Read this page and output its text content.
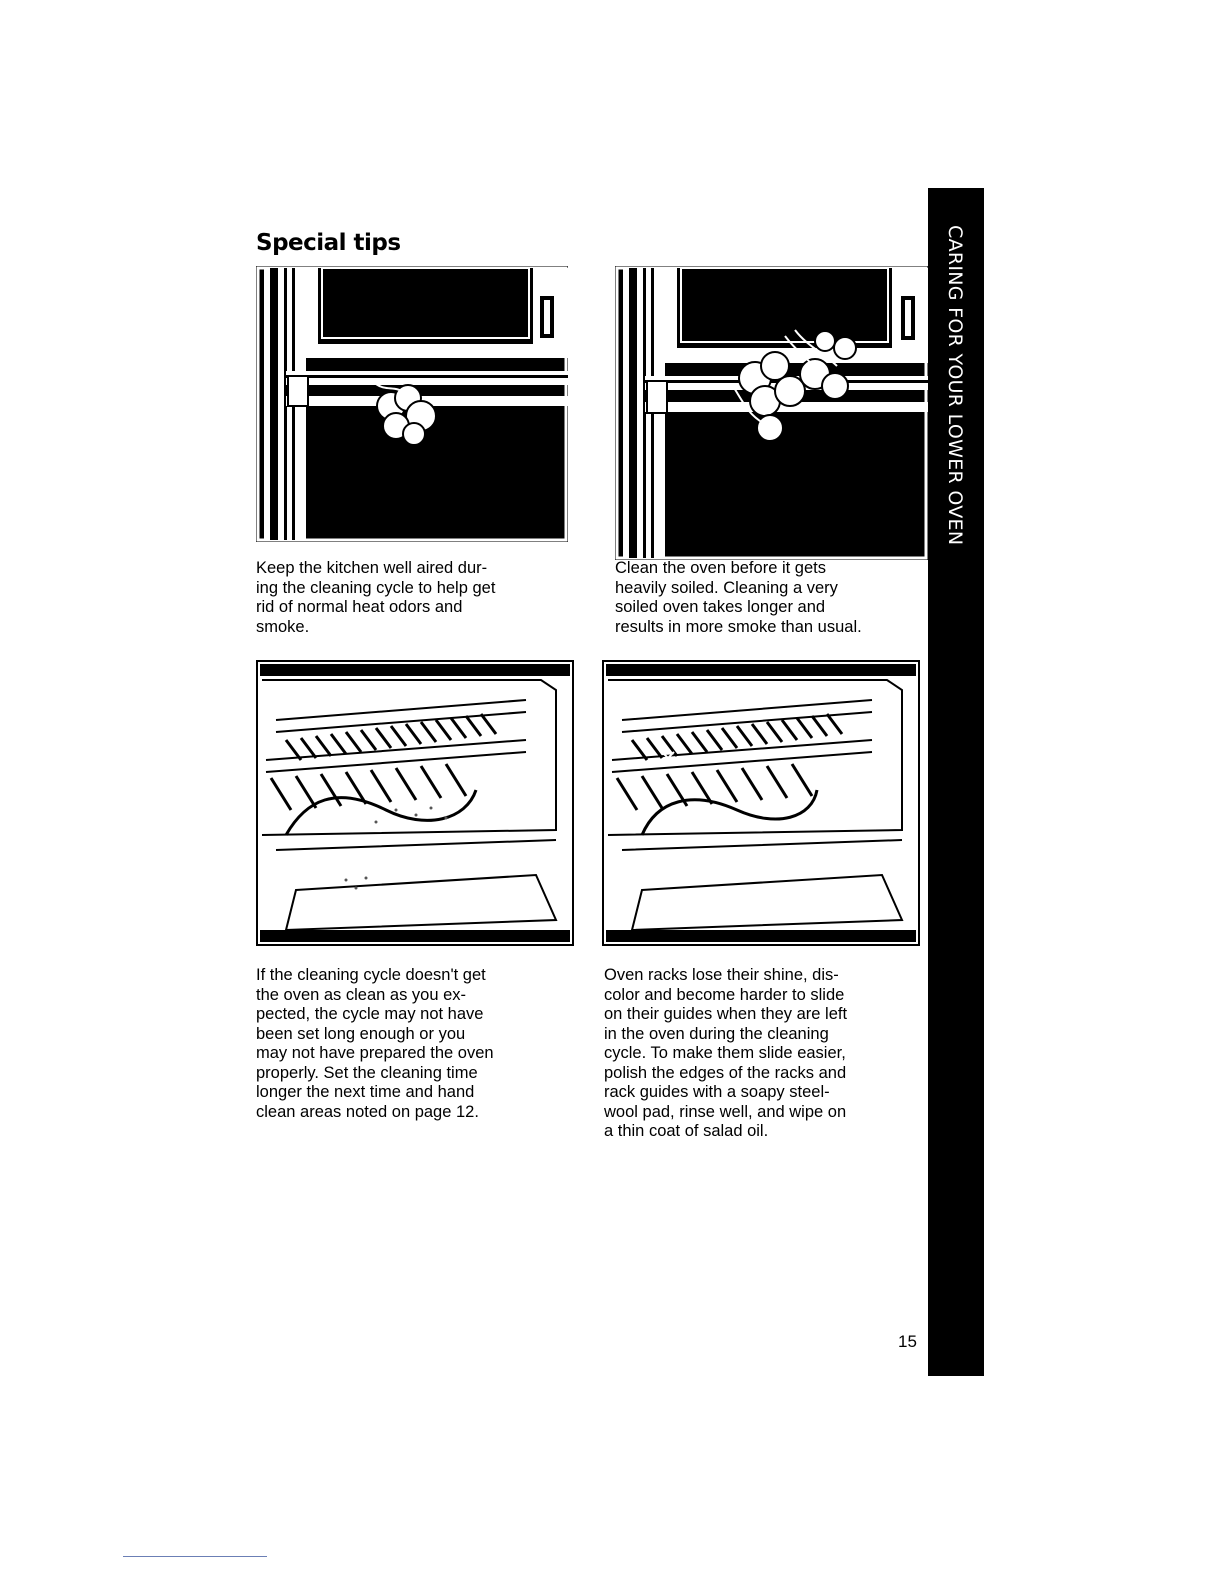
Special tips	CARING FOR YOUR LOWER OVEN

Keep the kitchen well aired dur-
ing the cleaning cycle to help get
rid of normal heat odors and
smoke.

Clean the oven before it gets
heavily soiled. Cleaning a very
soiled oven takes longer and
results in more smoke than usual.

If the cleaning cycle doesn't get
the oven as clean as you ex-
pected, the cycle may not have
been set long enough or you
may not have prepared the oven
properly. Set the cleaning time
longer the next time and hand
clean areas noted on page 12.

Oven racks lose their shine, dis-
color and become harder to slide
on their guides when they are left
in the oven during the cleaning
cycle. To make them slide easier,
polish the edges of the racks and
rack guides with a soapy steel-
wool pad, rinse well, and wipe on
a thin coat of salad oil.

15
